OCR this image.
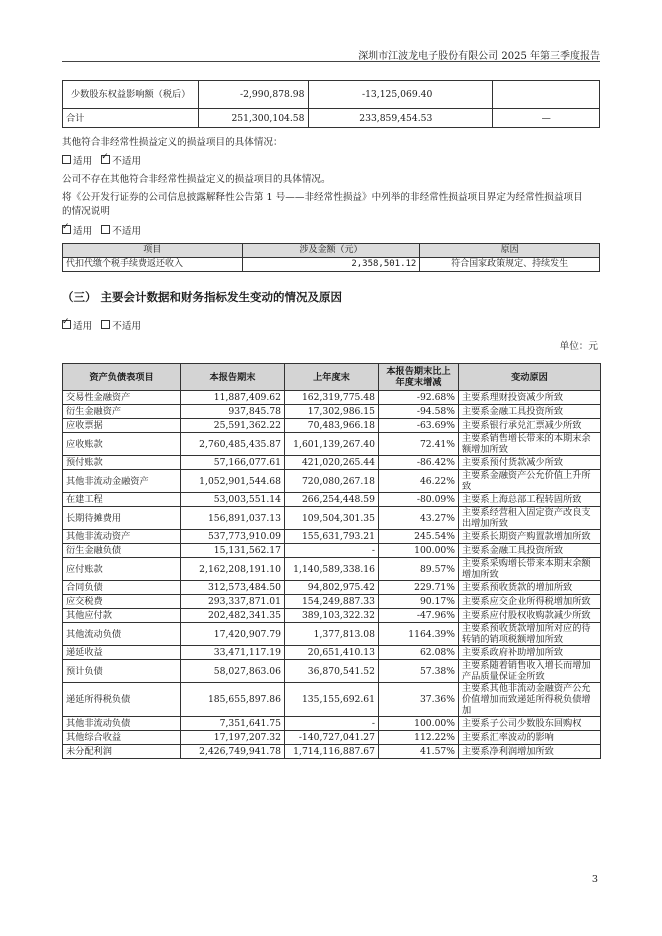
深圳市江波龙电子股份有限公司 2025 年第三季度报告
少数股东权益影响额（税后）	-2,990,878.98	-13,125,069.40	
合计	251,300,104.58	233,859,454.53	—
其他符合非经常性损益定义的损益项目的具体情况：
适用 ✓ 不适用
公司不存在其他符合非经常性损益定义的损益项目的具体情况。
将《公开发行证券的公司信息披露解释性公告第 1 号——非经常性损益》中列举的非经常性损益项目界定为经常性损益项目
的情况说明
✓适用 不适用
项目	涉及金额（元）	原因
代扣代缴个税手续费返还收入	2,358,501.12	符合国家政策规定、持续发生
（三） 主要会计数据和财务指标发生变动的情况及原因
✓适用 不适用
单位：元
资产负债表项目	本报告期末	上年度末	本报告期末比上年度末增减	变动原因
交易性金融资产	11,887,409.62	162,319,775.48	-92.68%	主要系理财投资减少所致
衍生金融资产	937,845.78	17,302,986.15	-94.58%	主要系金融工具投资所致
应收票据	25,591,362.22	70,483,966.18	-63.69%	主要系银行承兑汇票减少所致
应收账款	2,760,485,435.87	1,601,139,267.40	72.41%	主要系销售增长带来的本期末余额增加所致
预付账款	57,166,077.61	421,020,265.44	-86.42%	主要系预付货款减少所致
其他非流动金融资产	1,052,901,544.68	720,080,267.18	46.22%	主要系金融资产公允价值上升所致
在建工程	53,003,551.14	266,254,448.59	-80.09%	主要系上海总部工程转固所致
长期待摊费用	156,891,037.13	109,504,301.35	43.27%	主要系经营租入固定资产改良支出增加所致
其他非流动资产	537,773,910.09	155,631,793.21	245.54%	主要系长期资产购置款增加所致
衍生金融负债	15,131,562.17	-	100.00%	主要系金融工具投资所致
应付账款	2,162,208,191.10	1,140,589,338.16	89.57%	主要系采购增长带来本期末余额增加所致
合同负债	312,573,484.50	94,802,975.42	229.71%	主要系预收货款的增加所致
应交税费	293,337,871.01	154,249,887.33	90.17%	主要系应交企业所得税增加所致
其他应付款	202,482,341.35	389,103,322.32	-47.96%	主要系应付股权收购款减少所致
其他流动负债	17,420,907.79	1,377,813.08	1164.39%	主要系预收货款增加所对应的待转销的销项税额增加所致
递延收益	33,471,117.19	20,651,410.13	62.08%	主要系政府补助增加所致
预计负债	58,027,863.06	36,870,541.52	57.38%	主要系随着销售收入增长而增加产品质量保证金所致
递延所得税负债	185,655,897.86	135,155,692.61	37.36%	主要系其他非流动金融资产公允价值增加而致递延所得税负债增加
其他非流动负债	7,351,641.75	-	100.00%	主要系子公司少数股东回购权
其他综合收益	17,197,207.32	-140,727,041.27	112.22%	主要系汇率波动的影响
未分配利润	2,426,749,941.78	1,714,116,887.67	41.57%	主要系净利润增加所致
3
